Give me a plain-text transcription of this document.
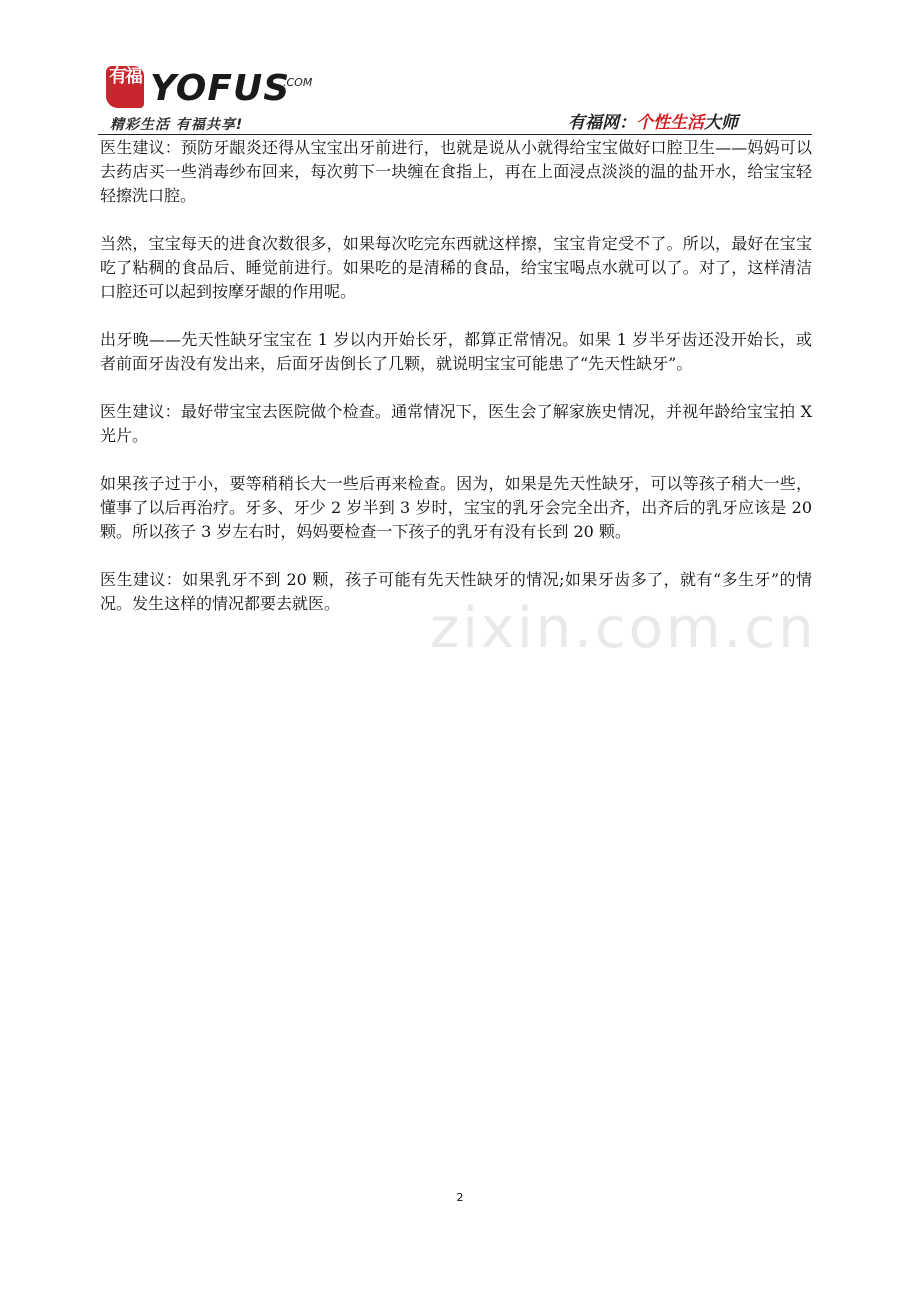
有福 YOFUS
.COM
精彩生活 有福共享!	有福网：个性生活大师
zixin.com.cn

医生建议：预防牙龈炎还得从宝宝出牙前进行，也就是说从小就得给宝宝做好口腔卫生——妈妈可以去药店买一些消毒纱布回来，每次剪下一块缠在食指上，再在上面浸点淡淡的温的盐开水，给宝宝轻轻擦洗口腔。

当然，宝宝每天的进食次数很多，如果每次吃完东西就这样擦，宝宝肯定受不了。所以，最好在宝宝吃了粘稠的食品后、睡觉前进行。如果吃的是清稀的食品，给宝宝喝点水就可以了。对了，这样清洁口腔还可以起到按摩牙龈的作用呢。

出牙晚——先天性缺牙宝宝在 1 岁以内开始长牙，都算正常情况。如果 1 岁半牙齿还没开始长，或者前面牙齿没有发出来，后面牙齿倒长了几颗，就说明宝宝可能患了“先天性缺牙”。

医生建议：最好带宝宝去医院做个检查。通常情况下，医生会了解家族史情况，并视年龄给宝宝拍 X 光片。

如果孩子过于小，要等稍稍长大一些后再来检查。因为，如果是先天性缺牙，可以等孩子稍大一些，懂事了以后再治疗。牙多、牙少 2 岁半到 3 岁时，宝宝的乳牙会完全出齐，出齐后的乳牙应该是 20 颗。所以孩子 3 岁左右时，妈妈要检查一下孩子的乳牙有没有长到 20 颗。

医生建议：如果乳牙不到 20 颗，孩子可能有先天性缺牙的情况;如果牙齿多了，就有“多生牙”的情况。发生这样的情况都要去就医。

2
